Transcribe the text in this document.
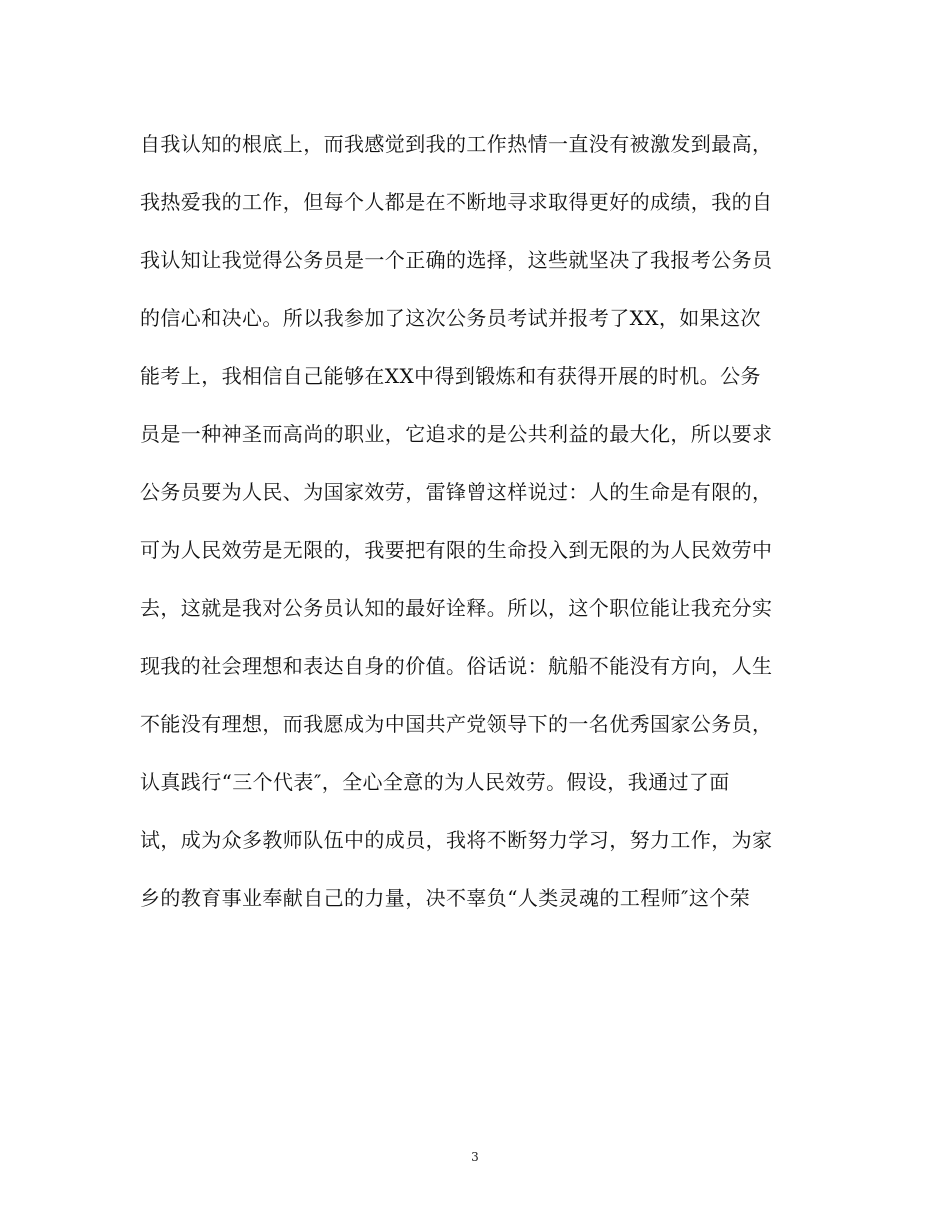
自我认知的根底上，而我感觉到我的工作热情一直没有被激发到最高，
我热爱我的工作，但每个人都是在不断地寻求取得更好的成绩，我的自
我认知让我觉得公务员是一个正确的选择，这些就坚决了我报考公务员
的信心和决心。所以我参加了这次公务员考试并报考了XX，如果这次
能考上，我相信自己能够在XX中得到锻炼和有获得开展的时机。公务
员是一种神圣而高尚的职业，它追求的是公共利益的最大化，所以要求
公务员要为人民、为国家效劳，雷锋曾这样说过：人的生命是有限的，
可为人民效劳是无限的，我要把有限的生命投入到无限的为人民效劳中
去，这就是我对公务员认知的最好诠释。所以，这个职位能让我充分实
现我的社会理想和表达自身的价值。俗话说：航船不能没有方向，人生
不能没有理想，而我愿成为中国共产党领导下的一名优秀国家公务员，
认真践行“三个代表″，全心全意的为人民效劳。假设，我通过了面
试，成为众多教师队伍中的成员，我将不断努力学习，努力工作，为家
乡的教育事业奉献自己的力量，决不辜负“人类灵魂的工程师″这个荣
3
